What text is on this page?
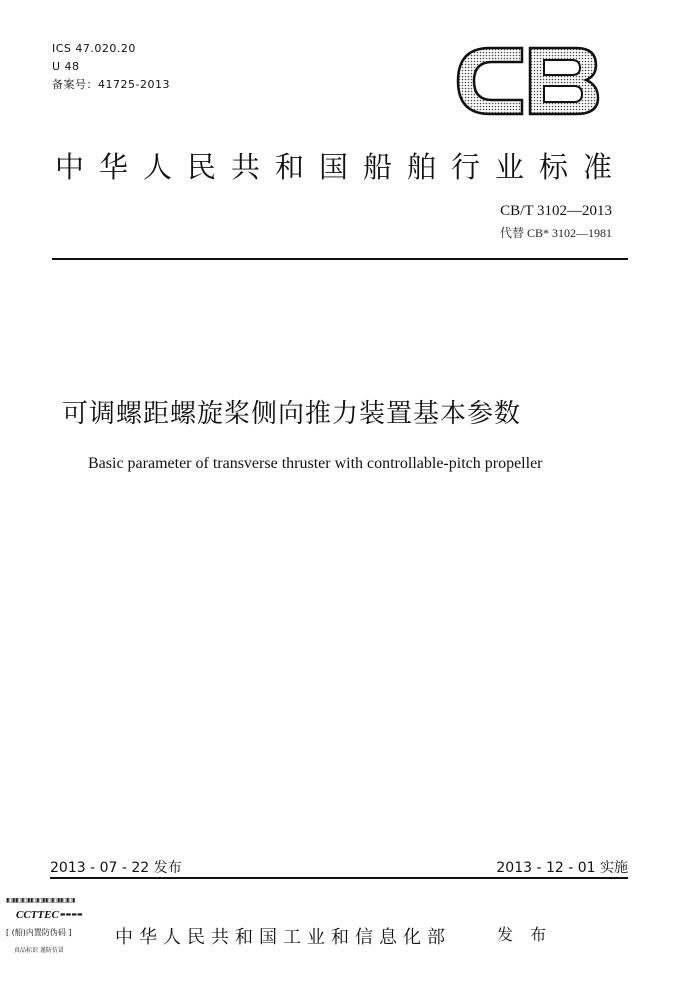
ICS 47.020.20
U 48
备案号：41725-2013
中华人民共和国船舶行业标准
CB/T 3102—2013
代替 CB* 3102—1981
可调螺距螺旋桨侧向推力装置基本参数
Basic parameter of transverse thruster with controllable-pitch propeller
2013 - 07 - 22 发布	2013 - 12 - 01 实施
▮▯▮▮▯▮▯▮▮▯▮▯▮▮▯▮▯▮▮▯▮▯▮
CCTTEC ▬▬▬▬
[ (船)内置防伪码 ]
真品标识 谨防仿冒
中华人民共和国工业和信息化部	发 布
